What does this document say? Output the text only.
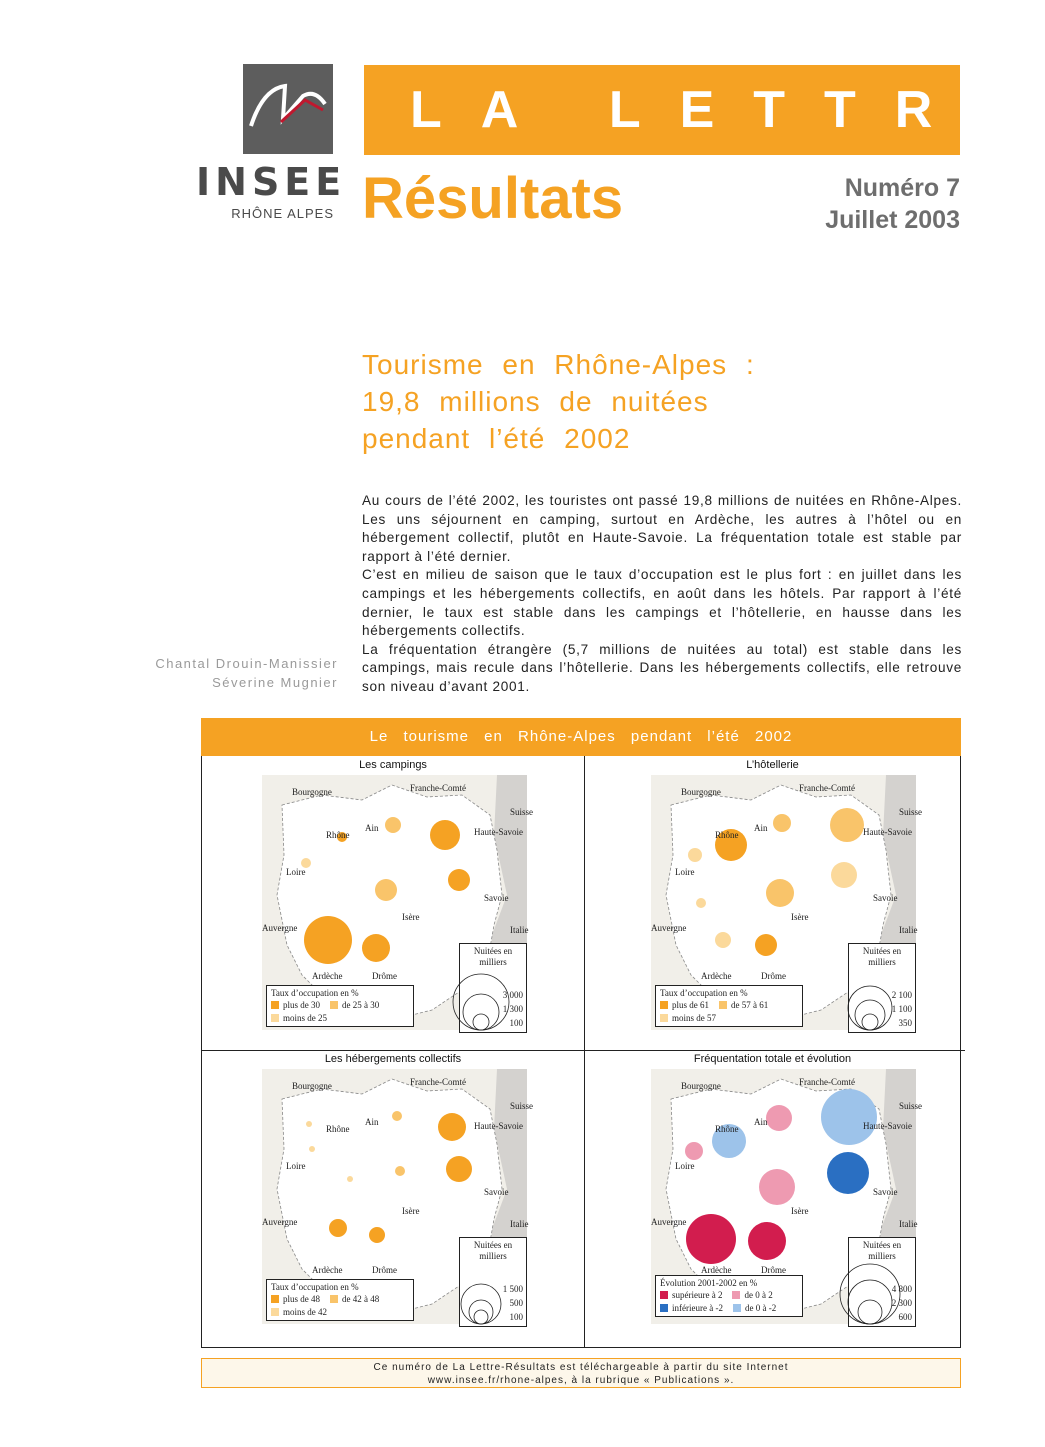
INSEE
RHÔNE ALPES
LA LETTRE
Résultats	Numéro 7
Juillet 2003
Tourisme en Rhône-Alpes :
19,8 millions de nuitées
pendant l’été 2002

Au cours de l’été 2002, les touristes ont passé 19,8 millions de nuitées en Rhône-Alpes. Les uns séjournent en camping, surtout en Ardèche, les autres à l’hôtel ou en hébergement collectif, plutôt en Haute-Savoie. La fréquentation totale est stable par rapport à l’été dernier.

C’est en milieu de saison que le taux d’occupation est le plus fort : en juillet dans les campings et les hébergements collectifs, en août dans les hôtels. Par rapport à l’été dernier, le taux est stable dans les campings et l’hôtellerie, en hausse dans les hébergements collectifs.

La fréquentation étrangère (5,7 millions de nuitées au total) est stable dans les campings, mais recule dans l’hôtellerie. Dans les hébergements collectifs, elle retrouve son niveau d’avant 2001.

Chantal Drouin-Manissier
Séverine Mugnier
Le tourisme en Rhône-Alpes pendant l’été 2002
Les campings
Bourgogne	Franche-Comté
Suisse
Ain
Rhône	Haute-Savoie
Loire
Savoie
Isère
Auvergne	Italie
Ardèche	Drôme
Taux d’occupation en %
plus de 30 de 25 à 30
moins de 25
Nuitées en milliers
3 000
1 300
100
L’hôtellerie
Bourgogne	Franche-Comté
Suisse
Ain
Rhône	Haute-Savoie
Loire
Savoie
Isère
Auvergne	Italie
Ardèche	Drôme
Taux d’occupation en %
plus de 61 de 57 à 61
moins de 57
Nuitées en milliers
2 100
1 100
350
Les hébergements collectifs
Bourgogne	Franche-Comté
Suisse
Ain
Rhône	Haute-Savoie
Loire
Savoie
Isère
Auvergne	Italie
Ardèche	Drôme
Taux d’occupation en %
plus de 48 de 42 à 48
moins de 42
Nuitées en milliers
1 500
500
100
Fréquentation totale et évolution
Bourgogne	Franche-Comté
Suisse
Ain
Rhône	Haute-Savoie
Loire
Savoie
Isère
Auvergne	Italie
Ardèche	Drôme
Évolution 2001-2002 en %
supérieure à 2 de 0 à 2
inférieure à -2 de 0 à -2
Nuitées en milliers
4 800
2 300
600
Ce numéro de La Lettre-Résultats est téléchargeable à partir du site Internet
www.insee.fr/rhone-alpes, à la rubrique « Publications ».
